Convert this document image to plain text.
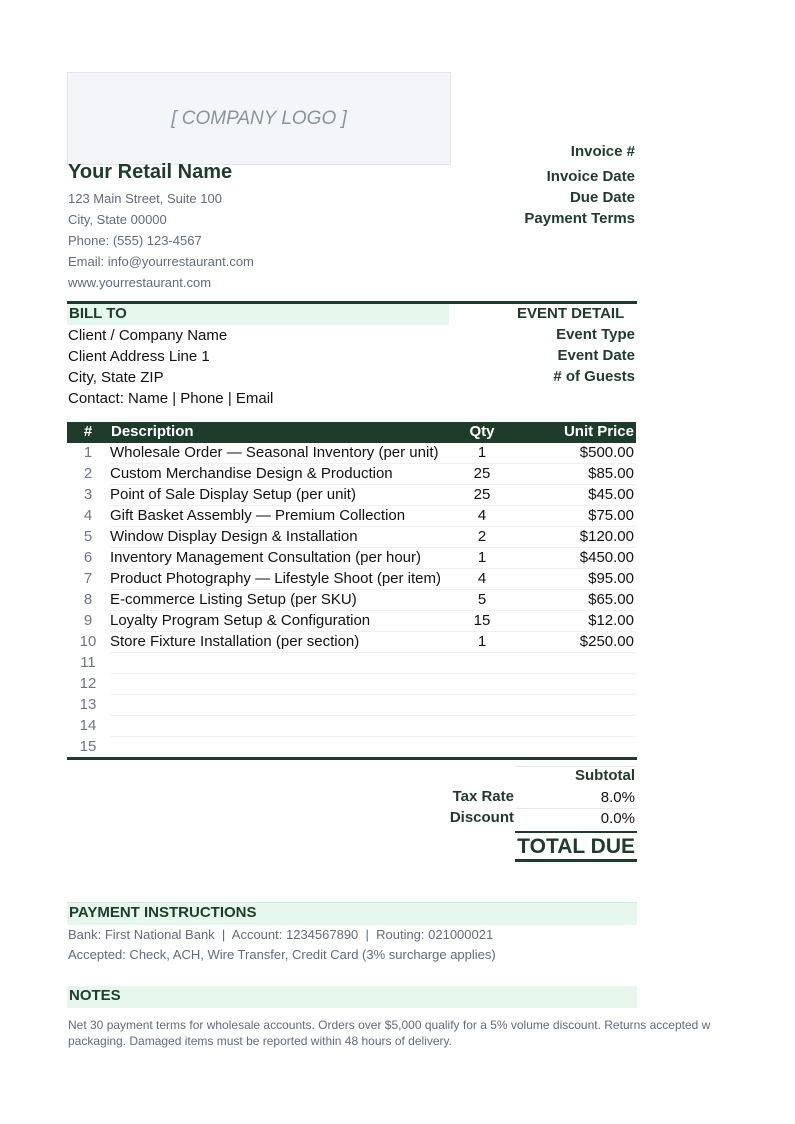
[ COMPANY LOGO ]
Your Retail Name
123 Main Street, Suite 100
City, State 00000
Phone: (555) 123-4567
Email: info@yourrestaurant.com
www.yourrestaurant.com
Invoice #
Invoice Date
Due Date
Payment Terms
BILL TO	EVENT DETAIL
Client / Company Name
Client Address Line 1
City, State ZIP
Contact: Name | Phone | Email
Event Type
Event Date
# of Guests
#	Description	Qty	Unit Price
1	Wholesale Order — Seasonal Inventory (per unit)	1	$500.00
2	Custom Merchandise Design & Production	25	$85.00
3	Point of Sale Display Setup (per unit)	25	$45.00
4	Gift Basket Assembly — Premium Collection	4	$75.00
5	Window Display Design & Installation	2	$120.00
6	Inventory Management Consultation (per hour)	1	$450.00
7	Product Photography — Lifestyle Shoot (per item)	4	$95.00
8	E-commerce Listing Setup (per SKU)	5	$65.00
9	Loyalty Program Setup & Configuration	15	$12.00
10 Store Fixture Installation (per section)	1	$250.00
11
12
13
14
15
Subtotal
Tax Rate	8.0%
Discount	0.0%
TOTAL DUE
PAYMENT INSTRUCTIONS
Bank: First National Bank  |  Account: 1234567890  |  Routing: 021000021
Accepted: Check, ACH, Wire Transfer, Credit Card (3% surcharge applies)
NOTES
Net 30 payment terms for wholesale accounts. Orders over $5,000 qualify for a 5% volume discount. Returns accepted w
packaging. Damaged items must be reported within 48 hours of delivery.
